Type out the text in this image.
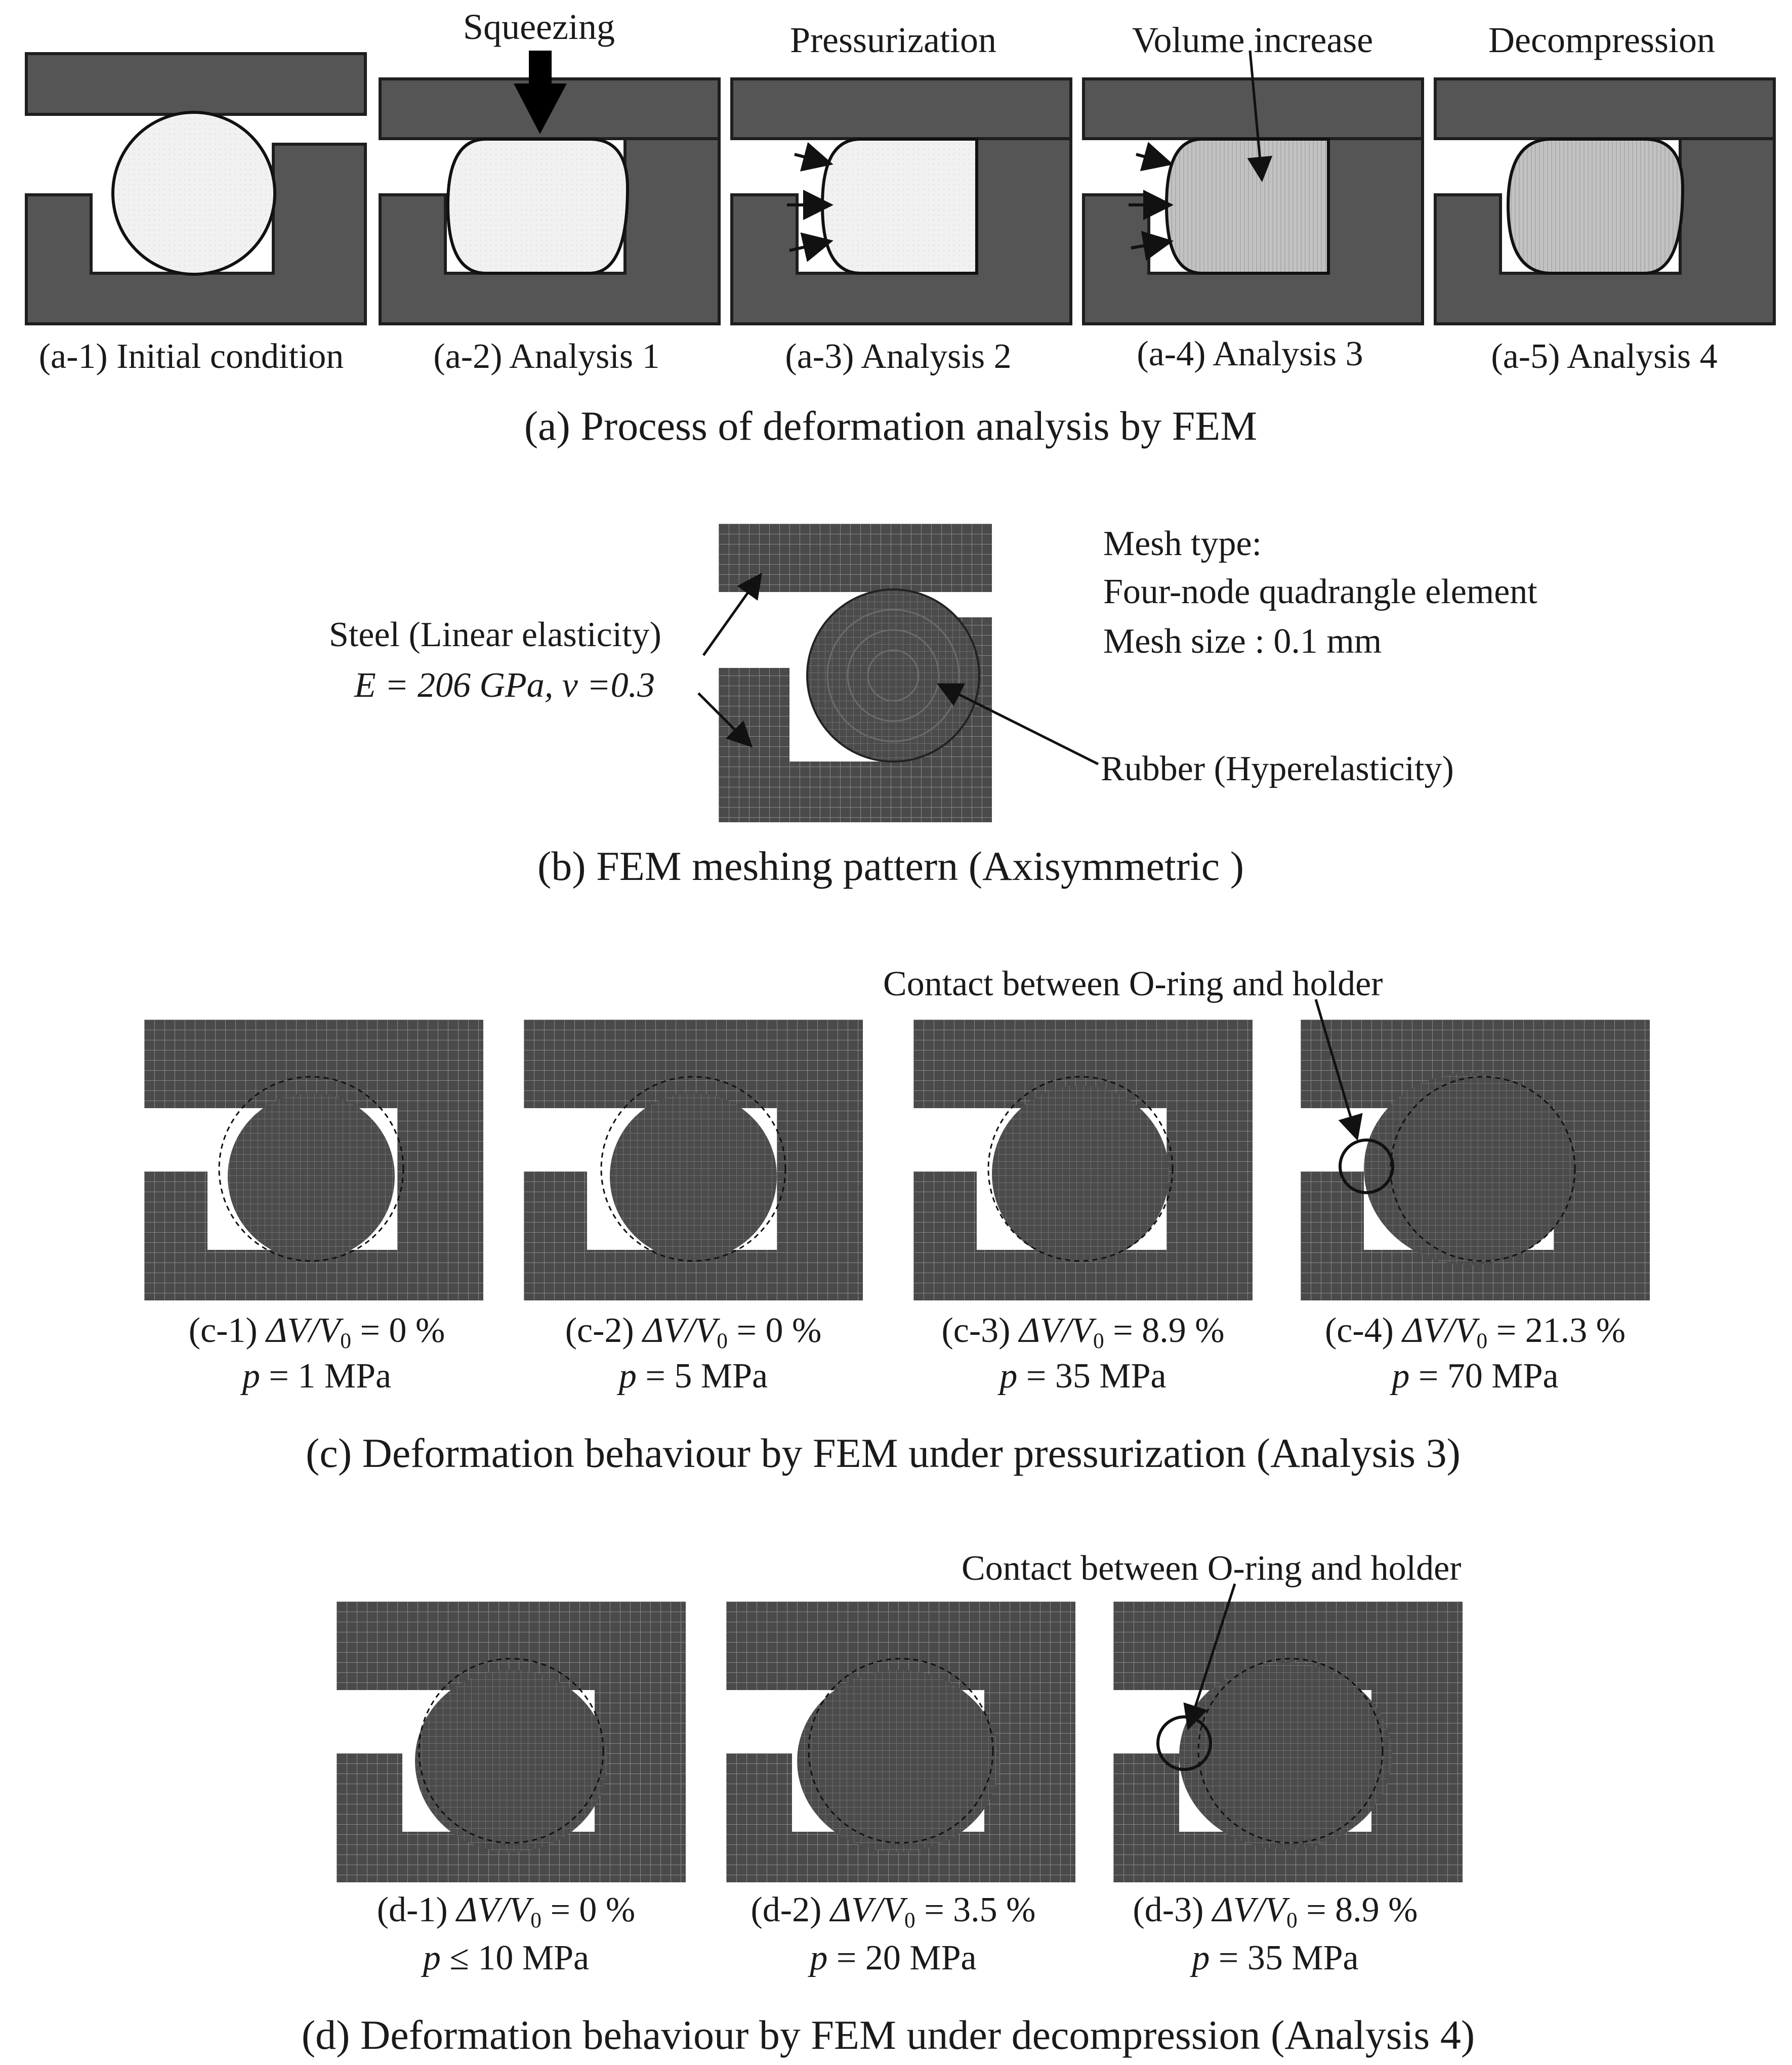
Squeezing	Pressurization	Volume increase	Decompression
(a-1) Initial condition	(a-2) Analysis 1	(a-3) Analysis 2	(a-4) Analysis 3	(a-5) Analysis 4
(a) Process of deformation analysis by FEM
Mesh type:
Four-node quadrangle element
Mesh size : 0.1 mm
Steel (Linear elasticity)
E = 206 GPa, ν =0.3
Rubber (Hyperelasticity)
(b) FEM meshing pattern (Axisymmetric )
Contact between O-ring and holder
(c-1) $\Delta V/V_0 = 0$ %
p = 1 MPa
(c-2) $\Delta V/V_0 = 0$ %
p = 5 MPa
(c-3) $\Delta V/V_0 = 8.9$ %
p = 35 MPa
(c-4) $\Delta V/V_0 = 21.3$ %
p = 70 MPa
(c) Deformation behaviour by FEM under pressurization (Analysis 3)
Contact between O-ring and holder
(d-1) $\Delta V/V_0 = 0$ %
p ≤ 10 MPa
(d-2) $\Delta V/V_0 = 3.5$ %
p = 20 MPa
(d-3) $\Delta V/V_0 = 8.9$ %
p = 35 MPa
(d) Deformation behaviour by FEM under decompression (Analysis 4)
